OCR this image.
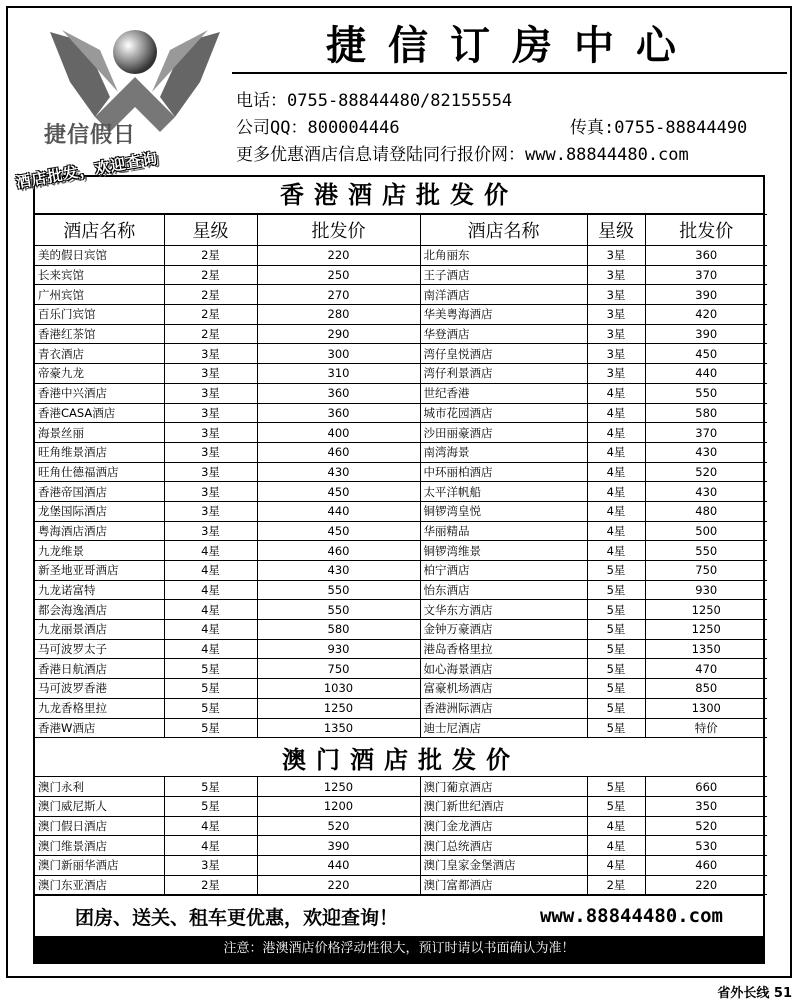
捷信假日
捷信订房中心
电话：0755-88844480/82155554
公司QQ：800004446	传真:0755-88844490
更多优惠酒店信息请登陆同行报价网：www.88844480.com
香港酒店批发价
酒店名称	星级	批发价	酒店名称	星级	批发价
美的假日宾馆	2星	220	北角丽东	3星	360
长来宾馆	2星	250	王子酒店	3星	370
广州宾馆	2星	270	南洋酒店	3星	390
百乐门宾馆	2星	280	华美粤海酒店	3星	420
香港红茶馆	2星	290	华登酒店	3星	390
青衣酒店	3星	300	湾仔皇悦酒店	3星	450
帝豪九龙	3星	310	湾仔利景酒店	3星	440
香港中兴酒店	3星	360	世纪香港	4星	550
香港CASA酒店	3星	360	城市花园酒店	4星	580
海景丝丽	3星	400	沙田丽豪酒店	4星	370
旺角维景酒店	3星	460	南湾海景	4星	430
旺角仕德福酒店	3星	430	中环丽柏酒店	4星	520
香港帝国酒店	3星	450	太平洋帆船	4星	430
龙堡国际酒店	3星	440	铜锣湾皇悦	4星	480
粤海酒店酒店	3星	450	华丽精品	4星	500
九龙维景	4星	460	铜锣湾维景	4星	550
新圣地亚哥酒店	4星	430	柏宁酒店	5星	750
九龙诺富特	4星	550	怡东酒店	5星	930
都会海逸酒店	4星	550	文华东方酒店	5星	1250
九龙丽景酒店	4星	580	金钟万豪酒店	5星	1250
马可波罗太子	4星	930	港岛香格里拉	5星	1350
香港日航酒店	5星	750	如心海景酒店	5星	470
马可波罗香港	5星	1030	富豪机场酒店	5星	850
九龙香格里拉	5星	1250	香港洲际酒店	5星	1300
香港W酒店	5星	1350	迪士尼酒店	5星	特价

澳门酒店批发价					

澳门永利	5星	1250	澳门葡京酒店	5星	660
澳门威尼斯人	5星	1200	澳门新世纪酒店	5星	350
澳门假日酒店	4星	520	澳门金龙酒店	4星	520
澳门维景酒店	4星	390	澳门总统酒店	4星	530
澳门新丽华酒店	3星	440	澳门皇家金堡酒店	4星	460
澳门东亚酒店	2星	220	澳门富都酒店	2星	220
团房、送关、租车更优惠，欢迎查询！	www.88844480.com
注意：港澳酒店价格浮动性很大，预订时请以书面确认为准！
酒店批发，欢迎查询
省外长线 51
